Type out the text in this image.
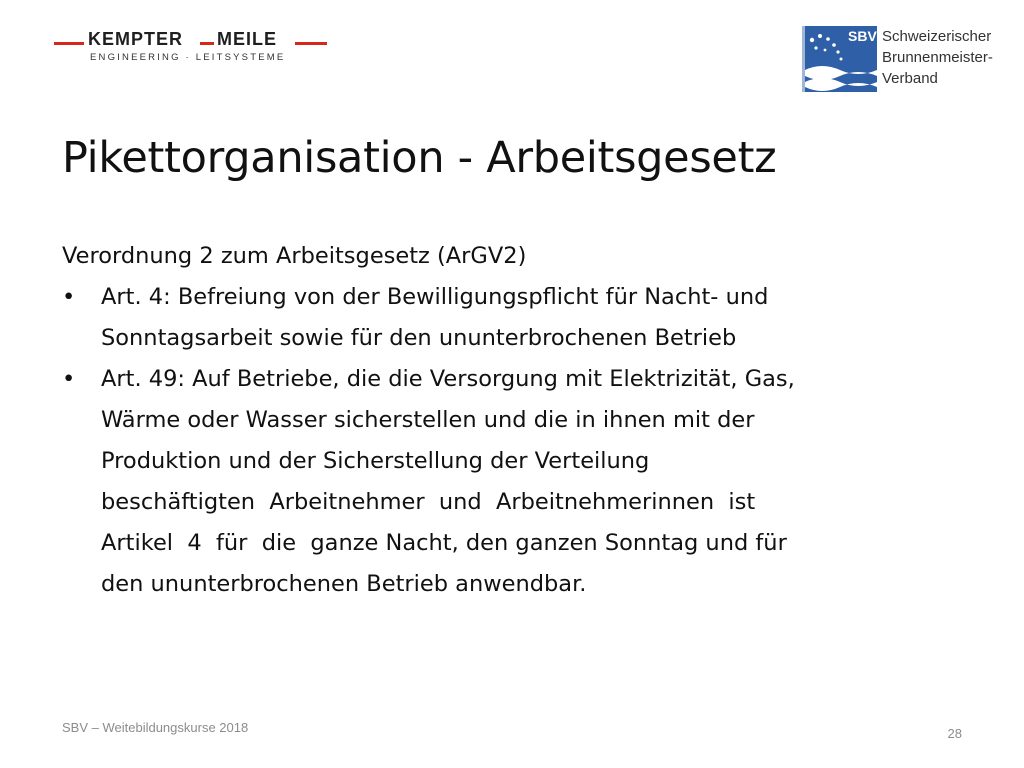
KEMPTER MEILE
ENGINEERING · LEITSYSTEME
SBV Schweizerischer
Brunnenmeister-
Verband
Pikettorganisation - Arbeitsgesetz

Verordnung 2 zum Arbeitsgesetz (ArGV2)

• Art. 4: Befreiung von der Bewilligungspflicht für Nacht- und
Sonntagsarbeit sowie für den ununterbrochenen Betrieb
• Art. 49: Auf Betriebe, die die Versorgung mit Elektrizität, Gas,
Wärme oder Wasser sicherstellen und die in ihnen mit der
Produktion und der Sicherstellung der Verteilung
beschäftigten  Arbeitnehmer  und  Arbeitnehmerinnen  ist
Artikel  4  für  die  ganze Nacht, den ganzen Sonntag und für
den ununterbrochenen Betrieb anwendbar.
SBV – Weitebildungskurse 2018	28
